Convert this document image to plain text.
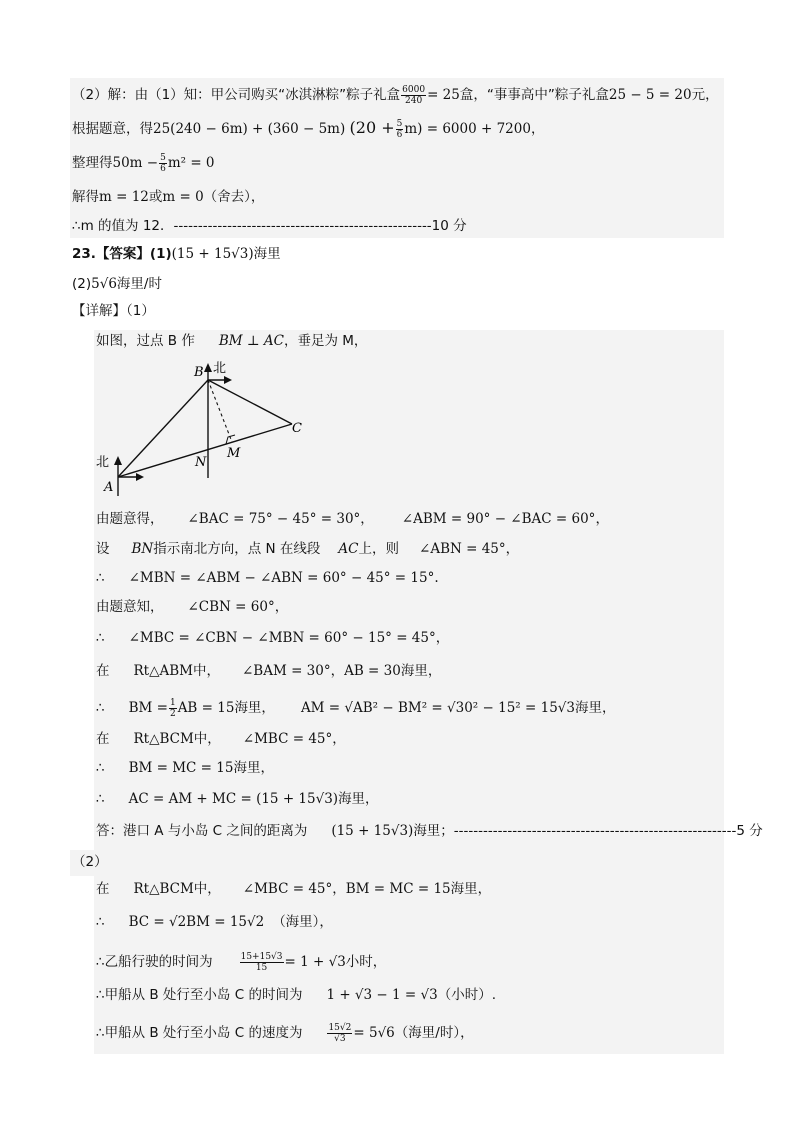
（2）解：由（1）知：甲公司购买“冰淇淋粽”粽子礼盒 $\frac{6000}{240} = 25$盒，“事事高中”粽子礼盒25 − 5 = 20元，
根据题意，得25(240 − 6m) + (360 − 5m) $(20 + \frac{5}{6} m) = 6000 + 7200$，
整理得$50m - \frac{5}{6} m^2 = 0$
解得m = 12或m = 0（舍去），
∴m 的值为 12．-----------------------------------------------------10 分
23.【答案】(1)(15 + 15√3)海里
(2)5√6海里/时
【详解】（1）
如图，过点 B 作 BM ⊥ AC，垂足为 M，
北
北
A
B
C
M
N
由题意得， ∠BAC = 75° − 45° = 30°， ∠ABM = 90° − ∠BAC = 60°，
设 BN指示南北方向，点 N 在线段 AC上，则 ∠ABN = 45°，
∴ ∠MBN = ∠ABM − ∠ABN = 60° − 45° = 15°.
由题意知， ∠CBN = 60°，
∴ ∠MBC = ∠CBN − ∠MBN = 60° − 15° = 45°，
在 Rt△ABM中， ∠BAM = 30°，AB = 30海里，
∴ BM = $\frac{1}{2}$ AB = 15海里， AM = √AB² − BM² = √30² − 15² = 15√3海里，
在 Rt△BCM中， ∠MBC = 45°，
∴ BM = MC = 15海里，
∴ AC = AM + MC = (15 + 15√3)海里，
答：港口 A 与小岛 C 之间的距离为 (15 + 15√3)海里；----------------------------------------------------------5 分
（2）
在 Rt△BCM中， ∠MBC = 45°，BM = MC = 15海里，
∴ BC = √2BM = 15√2 （海里），
∴乙船行驶的时间为	$\frac{15+15√3}{15} = 1 + √3$小时，
∴甲船从 B 处行至小岛 C 的时间为 1 + √3 − 1 = √3（小时）.
∴甲船从 B 处行至小岛 C 的速度为	$\frac{15√2}{√3} = 5√6$（海里/时），
